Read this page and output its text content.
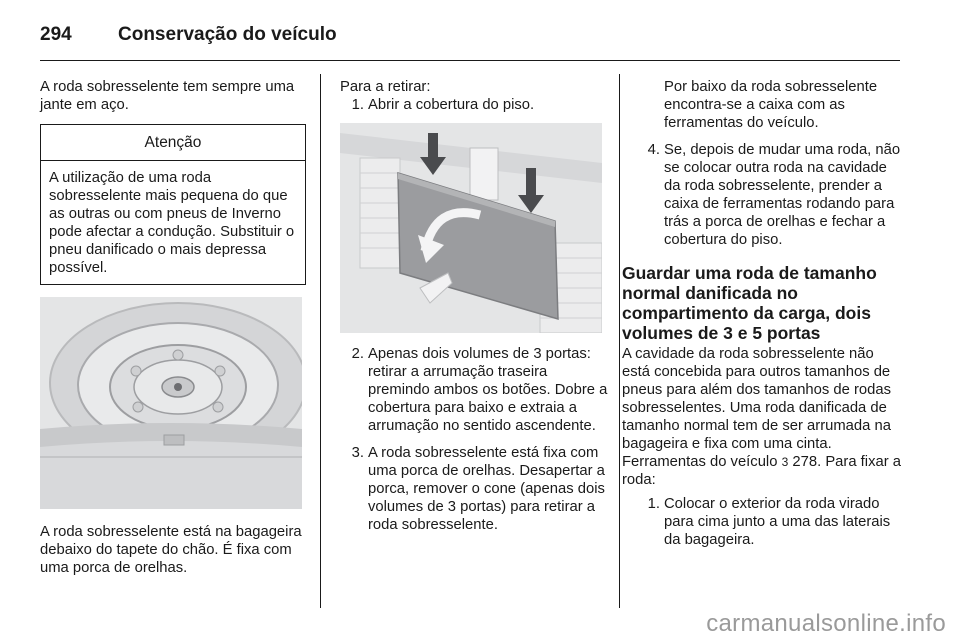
294 Conservação do veículo

A roda sobresselente tem sempre uma jante em aço.

Atenção
A utilização de uma roda sobresselente mais pequena do que as outras ou com pneus de Inverno pode afectar a condução. Substituir o pneu danificado o mais depressa possível.

A roda sobresselente está na bagageira debaixo do tapete do chão. É fixa com uma porca de orelhas.

Para a retirar:

1. Abrir a cobertura do piso.
2. Apenas dois volumes de 3 portas: retirar a arrumação traseira premindo ambos os botões. Dobre a cobertura para baixo e extraia a arrumação no sentido ascendente.
3. A roda sobresselente está fixa com uma porca de orelhas. Desapertar a porca, remover o cone (apenas dois volumes de 3 portas) para retirar a roda sobresselente.

Por baixo da roda sobresselente encontra-se a caixa com as ferramentas do veículo.

4. Se, depois de mudar uma roda, não se colocar outra roda na cavidade da roda sobresselente, prender a caixa de ferramentas rodando para trás a porca de orelhas e fechar a cobertura do piso.
Guardar uma roda de tamanho normal danificada no compartimento da carga, dois volumes de 3 e 5 portas

A cavidade da roda sobresselente não está concebida para outros tamanhos de pneus para além dos tamanhos de rodas sobresselentes. Uma roda danificada de tamanho normal tem de ser arrumada na bagageira e fixa com uma cinta. Ferramentas do veículo 3 278. Para fixar a roda:

1. Colocar o exterior da roda virado para cima junto a uma das laterais da bagageira.
carmanualsonline.info
